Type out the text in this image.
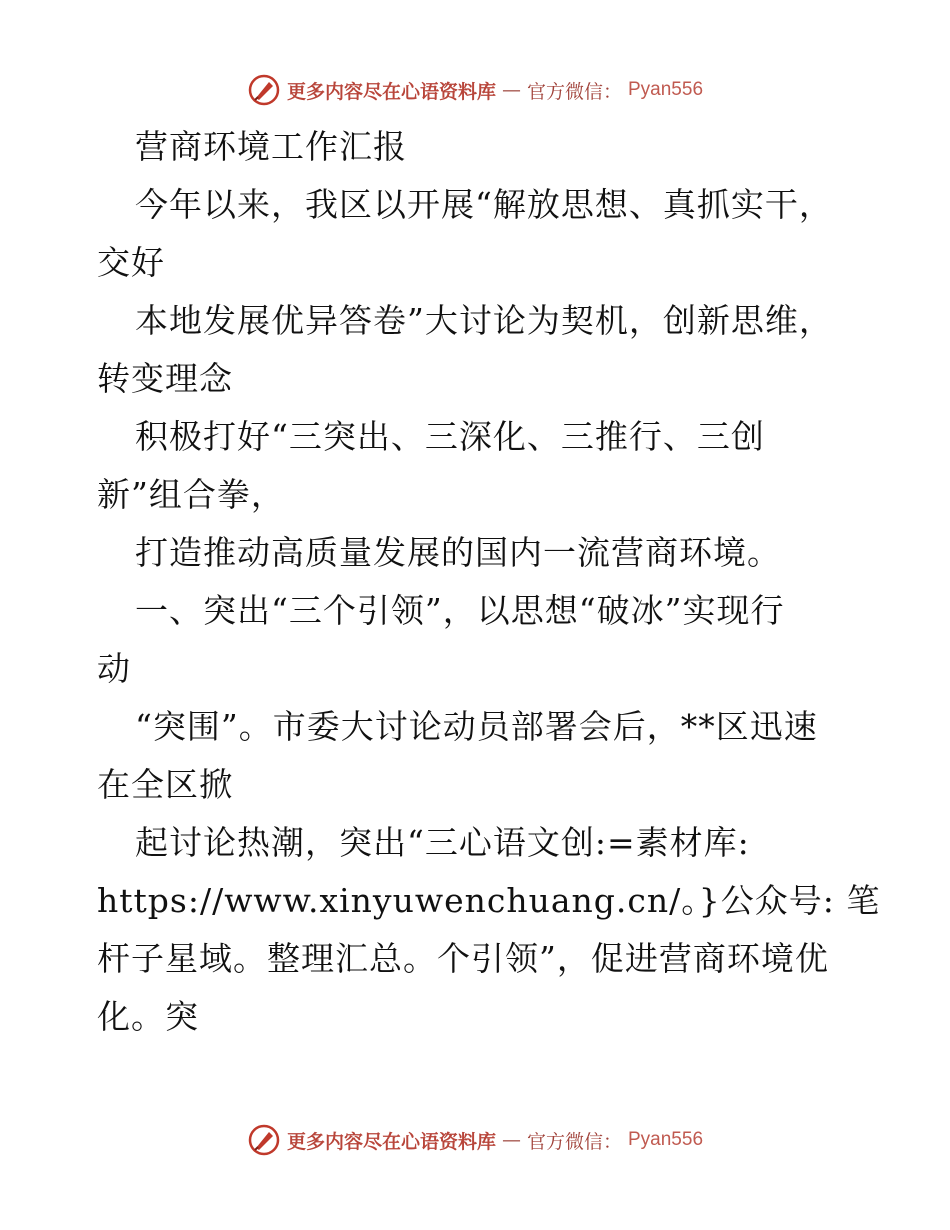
更多内容尽在心语资料库 — 官方微信： Pyan556
营商环境工作汇报
今年以来，我区以开展“解放思想、真抓实干，
交好
本地发展优异答卷”大讨论为契机，创新思维，
转变理念
积极打好“三突出、三深化、三推行、三创
新”组合拳，
打造推动高质量发展的国内一流营商环境。
一、突出“三个引领”，以思想“破冰”实现行
动
“突围”。市委大讨论动员部署会后，**区迅速
在全区掀
起讨论热潮，突出“三心语文创:=素材库:
https://www.xinyuwenchuang.cn/。}公众号: 笔
杆子星域。整理汇总。个引领”，促进营商环境优
化。突
更多内容尽在心语资料库 — 官方微信： Pyan556
